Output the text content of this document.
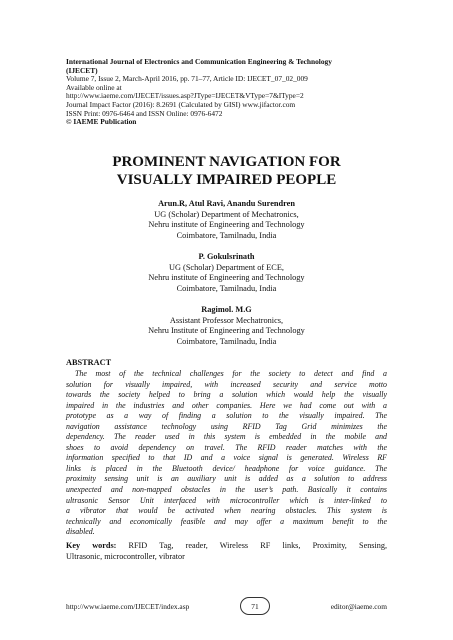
International Journal of Electronics and Communication Engineering & Technology
(IJECET)
Volume 7, Issue 2, March-April 2016, pp. 71–77, Article ID: IJECET_07_02_009
Available online at
http://www.iaeme.com/IJECET/issues.asp?JType=IJECET&VType=7&IType=2
Journal Impact Factor (2016): 8.2691 (Calculated by GISI) www.jifactor.com
ISSN Print: 0976-6464 and ISSN Online: 0976-6472
© IAEME Publication
PROMINENT NAVIGATION FOR
VISUALLY IMPAIRED PEOPLE
Arun.R, Atul Ravi, Anandu Surendren
UG (Scholar) Department of Mechatronics,
Nehru institute of Engineering and Technology
Coimbatore, Tamilnadu, India
P. Gokulsrinath
UG (Scholar) Department of ECE,
Nehru institute of Engineering and Technology
Coimbatore, Tamilnadu, India
Ragimol. M.G
Assistant Professor Mechatronics,
Nehru Institute of Engineering and Technology
Coimbatore, Tamilnadu, India
ABSTRACT
The most of the technical challenges for the society to detect and find a
solution for visually impaired, with increased security and service motto
towards the society helped to bring a solution which would help the visually
impaired in the industries and other companies. Here we had come out with a
prototype as a way of finding a solution to the visually impaired. The
navigation assistance technology using RFID Tag Grid minimizes the
dependency. The reader used in this system is embedded in the mobile and
shoes to avoid dependency on travel. The RFID reader matches with the
information specified to that ID and a voice signal is generated. Wireless RF
links is placed in the Bluetooth device/ headphone for voice guidance. The
proximity sensing unit is an auxiliary unit is added as a solution to address
unexpected and non-mapped obstacles in the user’s path. Basically it contains
ultrasonic Sensor Unit interfaced with microcontroller which is inter-linked to
a vibrator that would be activated when nearing obstacles. This system is
technically and economically feasible and may offer a maximum benefit to the
disabled.
Key words: RFID Tag, reader, Wireless RF links, Proximity, Sensing,
Ultrasonic, microcontroller, vibrator
http://www.iaeme.com/IJECET/index.asp	71	editor@iaeme.com
